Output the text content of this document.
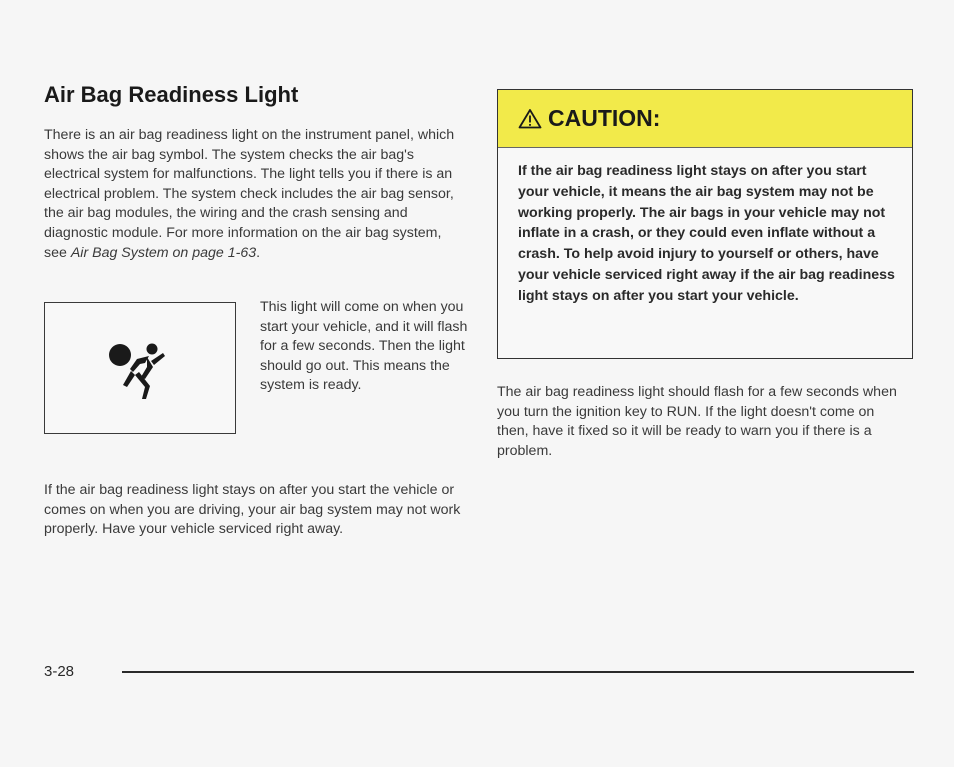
Air Bag Readiness Light

There is an air bag readiness light on the instrument panel, which shows the air bag symbol. The system checks the air bag's electrical system for malfunctions. The light tells you if there is an electrical problem. The system check includes the air bag sensor, the air bag modules, the wiring and the crash sensing and diagnostic module. For more information on the air bag system, see Air Bag System on page 1-63.

This light will come on when you start your vehicle, and it will flash for a few seconds. Then the light should go out. This means the system is ready.

If the air bag readiness light stays on after you start the vehicle or comes on when you are driving, your air bag system may not work properly. Have your vehicle serviced right away.

CAUTION:

If the air bag readiness light stays on after you start your vehicle, it means the air bag system may not be working properly. The air bags in your vehicle may not inflate in a crash, or they could even inflate without a crash. To help avoid injury to yourself or others, have your vehicle serviced right away if the air bag readiness light stays on after you start your vehicle.

The air bag readiness light should flash for a few seconds when you turn the ignition key to RUN. If the light doesn't come on then, have it fixed so it will be ready to warn you if there is a problem.

3-28
